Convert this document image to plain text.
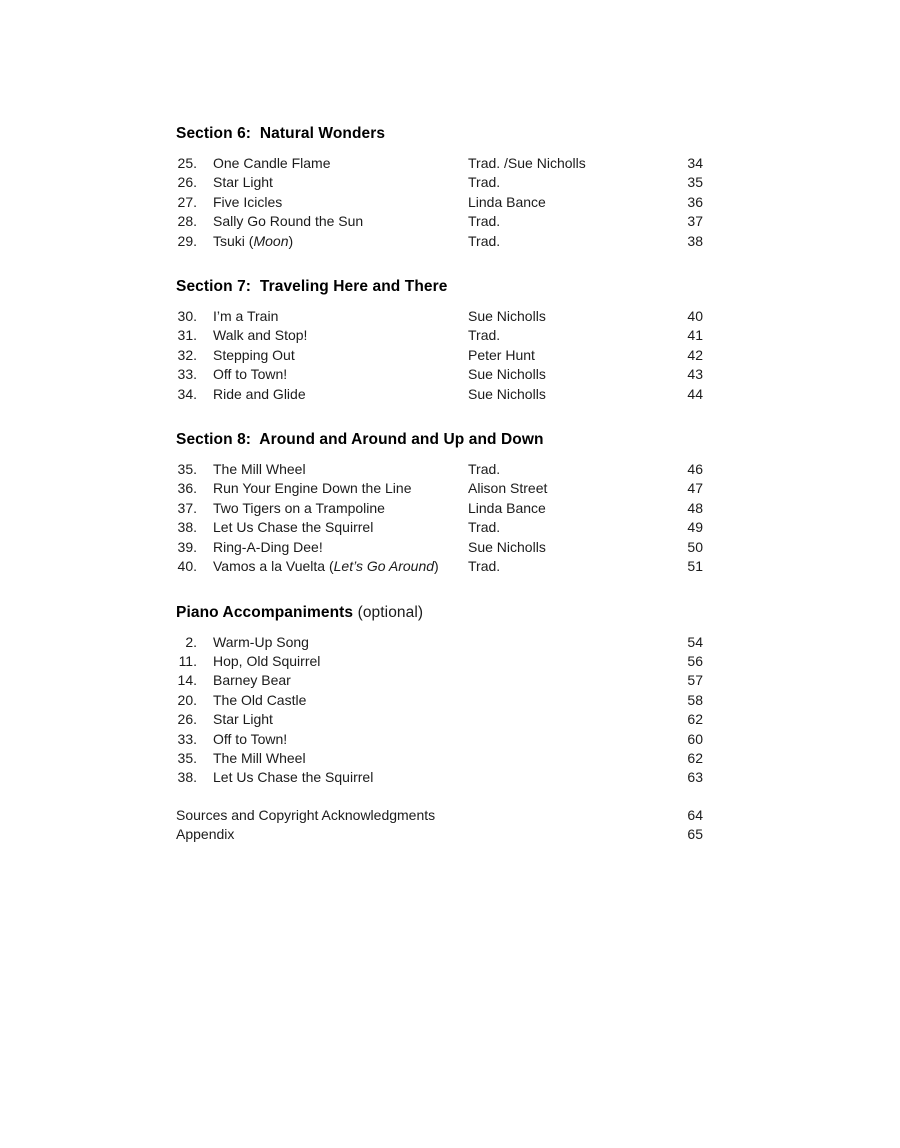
Section 6:  Natural Wonders
25. One Candle Flame	Trad. /Sue Nicholls	34
26. Star Light	Trad.	35
27. Five Icicles	Linda Bance	36
28. Sally Go Round the Sun	Trad.	37
29. Tsuki (Moon)	Trad.	38
Section 7:  Traveling Here and There
30. I’m a Train	Sue Nicholls	40
31. Walk and Stop!	Trad.	41
32. Stepping Out	Peter Hunt	42
33. Off to Town!	Sue Nicholls	43
34. Ride and Glide	Sue Nicholls	44
Section 8:  Around and Around and Up and Down
35. The Mill Wheel	Trad.	46
36. Run Your Engine Down the Line	Alison Street	47
37. Two Tigers on a Trampoline	Linda Bance	48
38. Let Us Chase the Squirrel	Trad.	49
39. Ring-A-Ding Dee!	Sue Nicholls	50
40. Vamos a la Vuelta (Let’s Go Around)	Trad.	51
Piano Accompaniments (optional)
2. Warm-Up Song	54
11. Hop, Old Squirrel	56
14. Barney Bear	57
20. The Old Castle	58
26. Star Light	62
33. Off to Town!	60
35. The Mill Wheel	62
38. Let Us Chase the Squirrel	63
Sources and Copyright Acknowledgments	64
Appendix	65
